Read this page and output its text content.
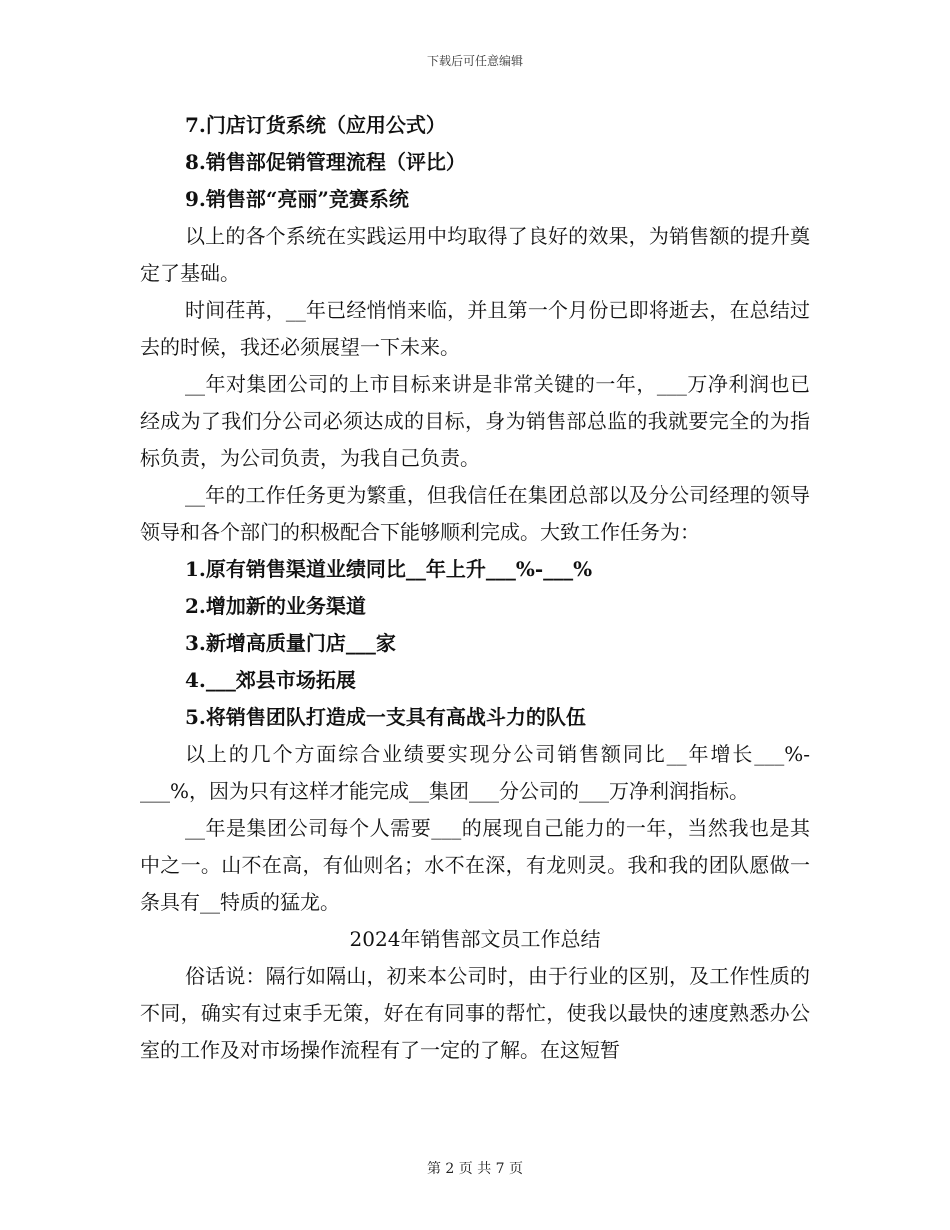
下载后可任意编辑

7.门店订货系统（应用公式）

8.销售部促销管理流程（评比）

9.销售部“亮丽”竞赛系统

以上的各个系统在实践运用中均取得了良好的效果，为销售额的提升奠定了基础。

时间荏苒，__年已经悄悄来临，并且第一个月份已即将逝去，在总结过去的时候，我还必须展望一下未来。

__年对集团公司的上市目标来讲是非常关键的一年，___万净利润也已经成为了我们分公司必须达成的目标，身为销售部总监的我就要完全的为指标负责，为公司负责，为我自己负责。

__年的工作任务更为繁重，但我信任在集团总部以及分公司经理的领导领导和各个部门的积极配合下能够顺利完成。大致工作任务为：

1.原有销售渠道业绩同比__年上升___%-___%

2.增加新的业务渠道

3.新增高质量门店___家

4.___郊县市场拓展

5.将销售团队打造成一支具有高战斗力的队伍

以上的几个方面综合业绩要实现分公司销售额同比__年增长___%-___%，因为只有这样才能完成__集团___分公司的___万净利润指标。

__年是集团公司每个人需要___的展现自己能力的一年，当然我也是其中之一。山不在高，有仙则名；水不在深，有龙则灵。我和我的团队愿做一条具有__特质的猛龙。

2024年销售部文员工作总结

俗话说：隔行如隔山，初来本公司时，由于行业的区别，及工作性质的不同，确实有过束手无策，好在有同事的帮忙，使我以最快的速度熟悉办公室的工作及对市场操作流程有了一定的了解。在这短暂

第 2 页 共 7 页
